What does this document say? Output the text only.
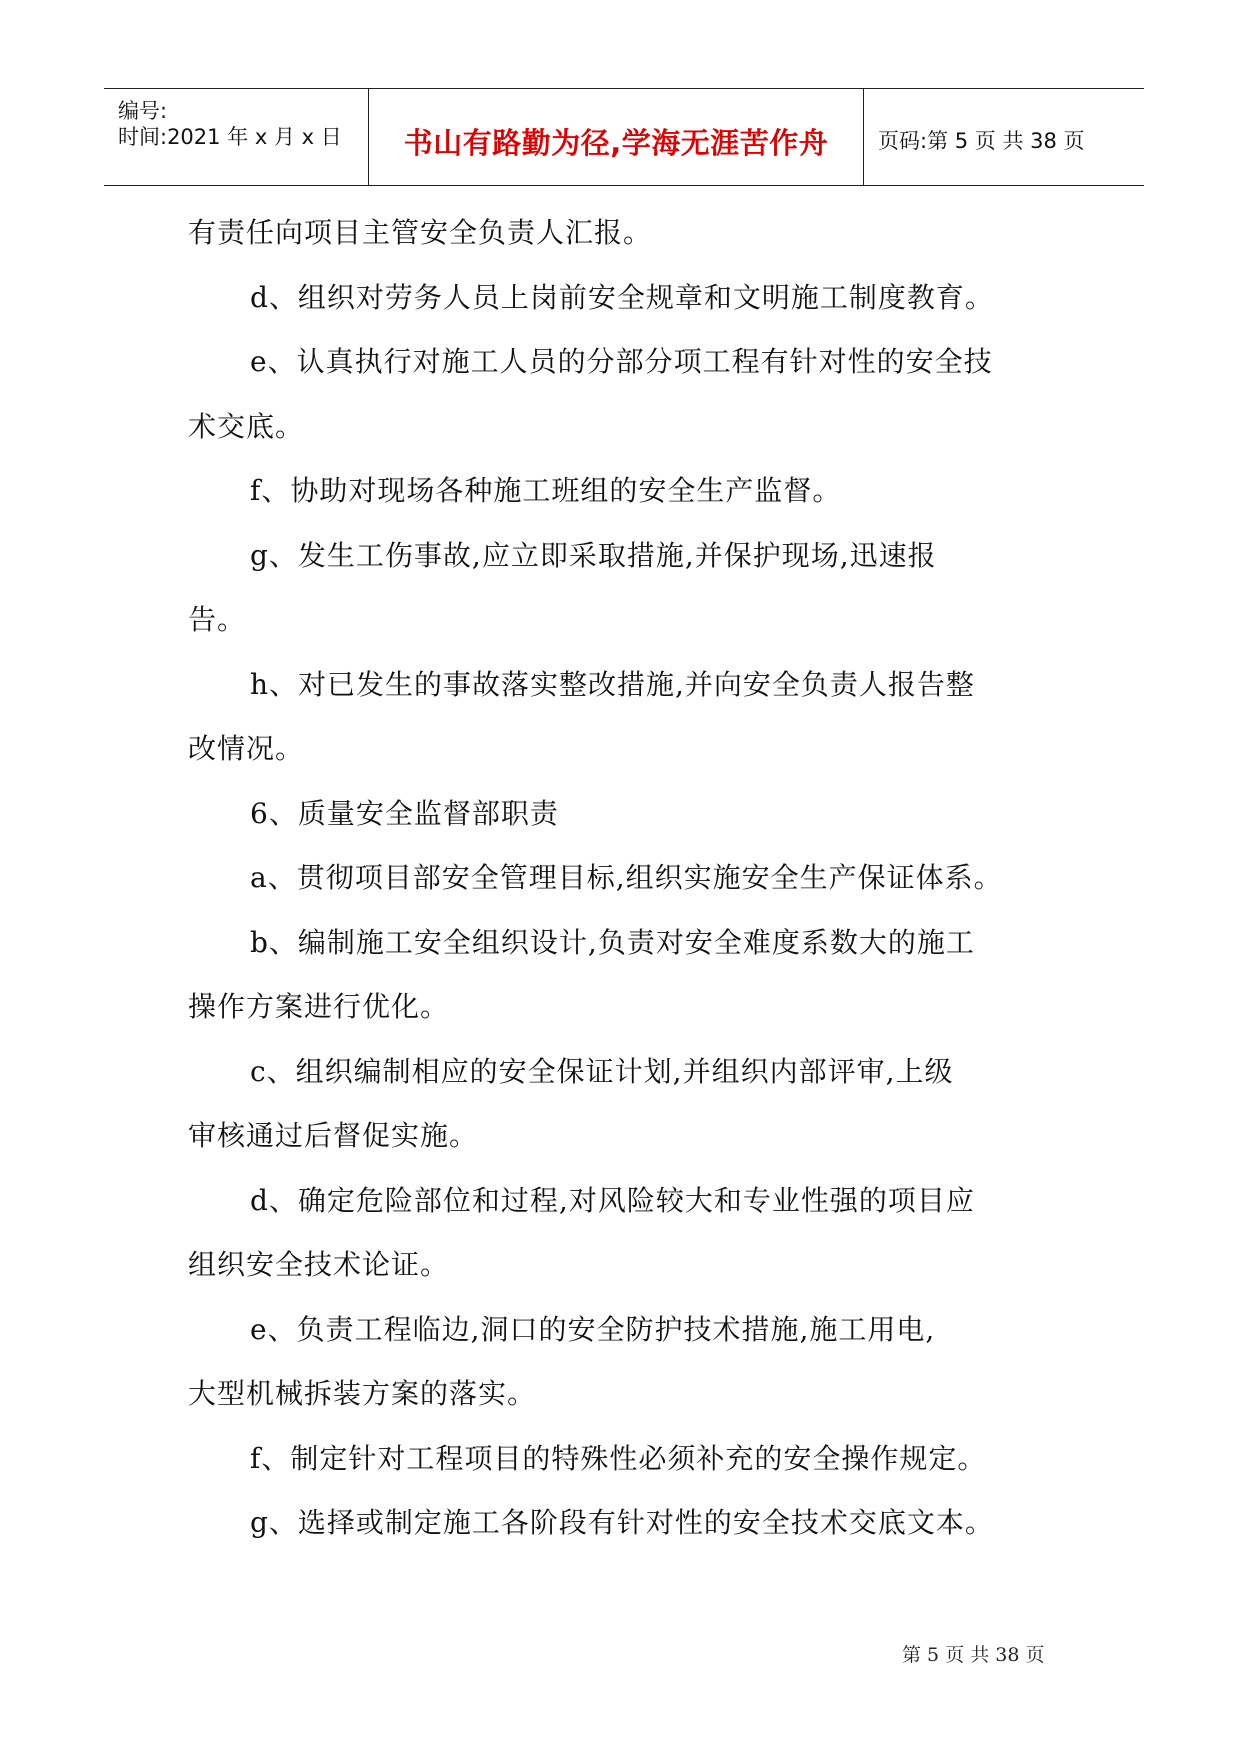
编号:
时间:2021 年 x 月 x 日	书山有路勤为径,学海无涯苦作舟	页码:第 5 页 共 38 页
有责任向项目主管安全负责人汇报。
d、组织对劳务人员上岗前安全规章和文明施工制度教育。
e、认真执行对施工人员的分部分项工程有针对性的安全技
术交底。
f、协助对现场各种施工班组的安全生产监督。
g、发生工伤事故,应立即采取措施,并保护现场,迅速报
告。
h、对已发生的事故落实整改措施,并向安全负责人报告整
改情况。
6、质量安全监督部职责
a、贯彻项目部安全管理目标,组织实施安全生产保证体系。
b、编制施工安全组织设计,负责对安全难度系数大的施工
操作方案进行优化。
c、组织编制相应的安全保证计划,并组织内部评审,上级
审核通过后督促实施。
d、确定危险部位和过程,对风险较大和专业性强的项目应
组织安全技术论证。
e、负责工程临边,洞口的安全防护技术措施,施工用电,
大型机械拆装方案的落实。
f、制定针对工程项目的特殊性必须补充的安全操作规定。
g、选择或制定施工各阶段有针对性的安全技术交底文本。
第 5 页 共 38 页
